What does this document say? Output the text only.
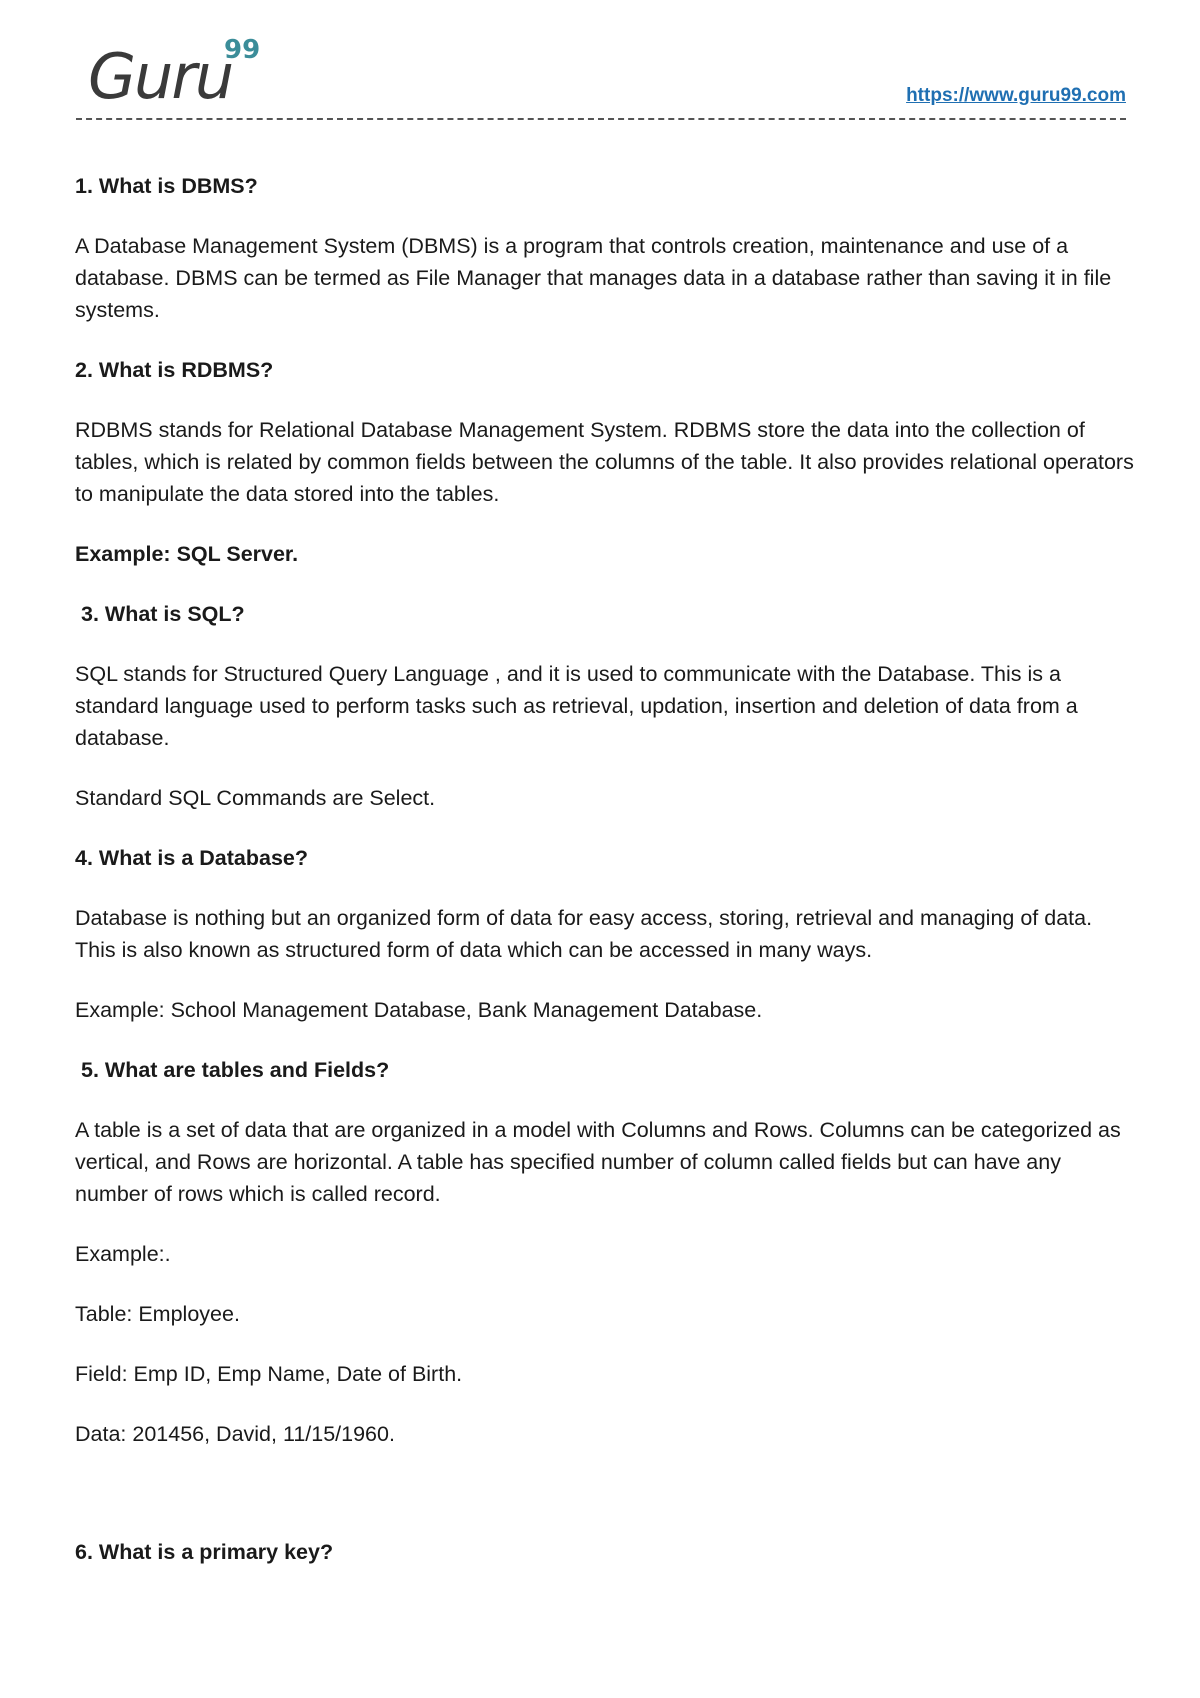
Guru
99
https://www.guru99.com

1. What is DBMS?

A Database Management System (DBMS) is a program that controls creation, maintenance and use of a database. DBMS can be termed as File Manager that manages data in a database rather than saving it in file systems.

2. What is RDBMS?

RDBMS stands for Relational Database Management System. RDBMS store the data into the collection of tables, which is related by common fields between the columns of the table. It also provides relational operators to manipulate the data stored into the tables.

Example: SQL Server.

3. What is SQL?

SQL stands for Structured Query Language , and it is used to communicate with the Database. This is a standard language used to perform tasks such as retrieval, updation, insertion and deletion of data from a database.

Standard SQL Commands are Select.

4. What is a Database?

Database is nothing but an organized form of data for easy access, storing, retrieval and managing of data. This is also known as structured form of data which can be accessed in many ways.

Example: School Management Database, Bank Management Database.

5. What are tables and Fields?

A table is a set of data that are organized in a model with Columns and Rows. Columns can be categorized as vertical, and Rows are horizontal. A table has specified number of column called fields but can have any number of rows which is called record.

Example:.

Table: Employee.

Field: Emp ID, Emp Name, Date of Birth.

Data: 201456, David, 11/15/1960.

6. What is a primary key?
